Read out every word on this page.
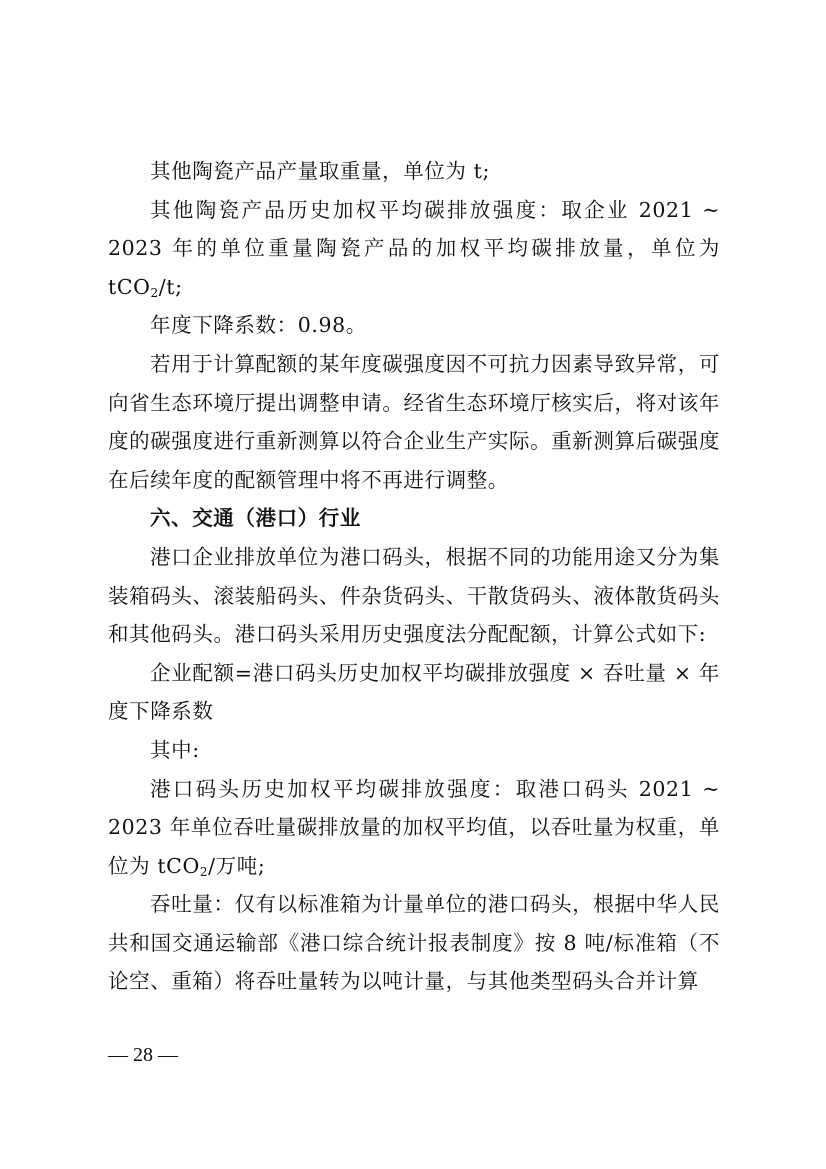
其他陶瓷产品产量取重量，单位为 t;

其他陶瓷产品历史加权平均碳排放强度：取企业 2021 ~ 2023 年的单位重量陶瓷产品的加权平均碳排放量，单位为 tCO$_2$/t;

年度下降系数：0.98。

若用于计算配额的某年度碳强度因不可抗力因素导致异常，可向省生态环境厅提出调整申请。经省生态环境厅核实后，将对该年度的碳强度进行重新测算以符合企业生产实际。重新测算后碳强度在后续年度的配额管理中将不再进行调整。

六、交通（港口）行业

港口企业排放单位为港口码头，根据不同的功能用途又分为集装箱码头、滚装船码头、件杂货码头、干散货码头、液体散货码头和其他码头。港口码头采用历史强度法分配配额，计算公式如下:

企业配额=港口码头历史加权平均碳排放强度 × 吞吐量 × 年度下降系数

其中:

港口码头历史加权平均碳排放强度：取港口码头 2021 ~ 2023 年单位吞吐量碳排放量的加权平均值，以吞吐量为权重，单位为 tCO$_2$/万吨;

吞吐量：仅有以标准箱为计量单位的港口码头，根据中华人民共和国交通运输部《港口综合统计报表制度》按 8 吨/标准箱（不论空、重箱）将吞吐量转为以吨计量，与其他类型码头合并计算

— 28 —
